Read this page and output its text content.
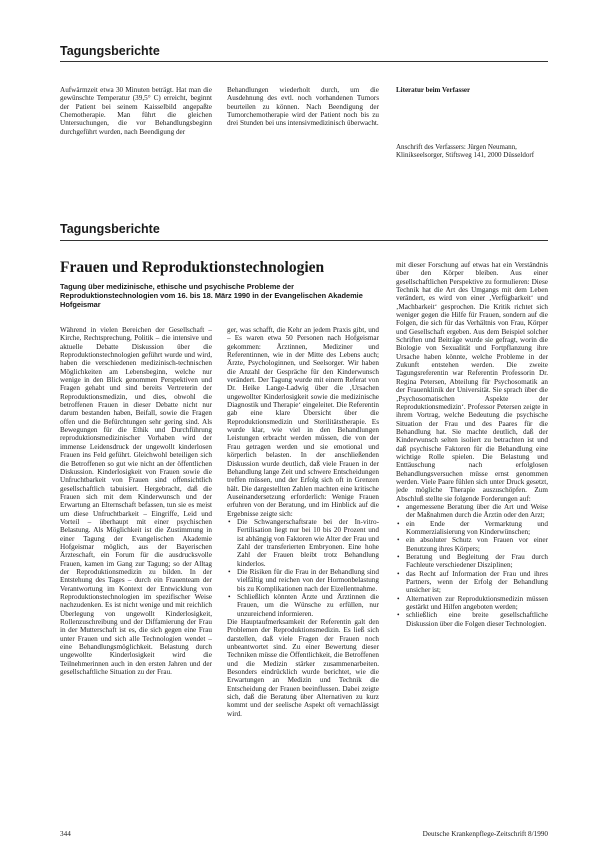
Tagungsberichte

Aufwärmzeit etwa 30 Minuten beträgt. Hat man die gewünschte Temperatur (39,5° C) erreicht, beginnt der Patient bei seinem Kaisselbild angepaßte Chemotherapie. Man führt die gleichen Untersuchungen, die vor Behandlungsbeginn durchgeführt wurden, nach Beendigung der

Behandlungen wiederholt durch, um die Ausdehnung des evtl. noch vorhandenen Tumors beurteilen zu können. Nach Beendigung der Tumorchemotherapie wird der Patient noch bis zu drei Stunden bei uns intensivmedizinisch überwacht.

Literatur beim Verfasser
Anschrift des Verfassers: Jürgen Neumann, Klinikseelsorger, Stiftsweg 141, 2000 Düsseldorf
Tagungsberichte
Frauen und Reproduktionstechnologien
Tagung über medizinische, ethische und psychische Probleme der Reproduktionstechnologien vom 16. bis 18. März 1990 in der Evangelischen Akademie Hofgeismar

Während in vielen Bereichen der Gesellschaft – Kirche, Rechtsprechung, Politik – die intensive und aktuelle Debatte Diskussion über die Reproduktionstechnologien geführt wurde und wird, haben die verschiedenen medizinisch-technischen Möglichkeiten am Lebensbeginn, welche nur wenige in den Blick genommen Perspektiven und Fragen gehabt und sind bereits Vertreterin der Reproduktionsmedizin, und dies, obwohl die betroffenen Frauen in dieser Debatte nicht nur darum bestanden haben, Beifall, sowie die Fragen offen und die Befürchtungen sehr gering sind. Als Bewegungen für die Ethik und Durchführung reproduktionsmedizinischer Vorhaben wird der immense Leidensdruck der ungewollt kinderlosen Frauen ins Feld geführt. Gleichwohl beteiligen sich die Betroffenen so gut wie nicht an der öffentlichen Diskussion. Kinderlosigkeit von Frauen sowie die Unfruchtbarkeit von Frauen sind offensichtlich gesellschaftlich tabuisiert. Hergebracht, daß die Frauen sich mit dem Kinderwunsch und der Erwartung an Elternschaft befassen, tun sie es meist um diese Unfruchtbarkeit – Eingriffe, Leid und Vorteil – überhaupt mit einer psychischen Belastung. Als Möglichkeit ist die Zustimmung in einer Tagung der Evangelischen Akademie Hofgeismar möglich, aus der Bayerischen Ärzteschaft, ein Forum für die ausdrucksvolle Frauen, kamen im Gang zur Tagung; so der Alltag der Reproduktionsmedizin zu bilden. In der Entstehung des Tages – durch ein Frauenteam der Verantwortung im Kontext der Entwicklung von Reproduktionstechnologien im spezifischer Weise nachzudenken. Es ist nicht wenige und mit reichlich Überlegung von ungewollt Kinderlosigkeit, Rollenzuschreibung und der Diffamierung der Frau in der Mutterschaft ist es, die sich gegen eine Frau unter Frauen und sich alle Technologien wendet – eine Behandlungsmöglichkeit. Belastung durch ungewollte Kinderlosigkeit wird die Teilnehmerinnen auch in den ersten Jahren und der gesellschaftliche Situation zu der Frau.

ger, was schafft, die Kehr an jedem Praxis gibt, und – Es waren etwa 50 Personen nach Hofgeismar gekommen: Ärztinnen, Mediziner und Referentinnen, wie in der Mitte des Lebens auch; Ärzte, Psychologinnen, und Seelsorger. Wir haben die Anzahl der Gespräche für den Kinderwunsch verändert. Der Tagung wurde mit einem Referat von Dr. Heike Lange-Ladwig über die ‚Ursachen ungewollter Kinderlosigkeit sowie die medizinische Diagnostik und Therapie‘ eingeleitet. Die Referentin gab eine klare Übersicht über die Reproduktionsmedizin und Sterilitätstherapie. Es wurde klar, wie viel in den Behandlungen Leistungen erbracht werden müssen, die von der Frau getragen werden und sie emotional und körperlich belasten. In der anschließenden Diskussion wurde deutlich, daß viele Frauen in der Behandlung lange Zeit und schwere Entscheidungen treffen müssen, und der Erfolg sich oft in Grenzen hält. Die dargestellten Zahlen machten eine kritische Auseinandersetzung erforderlich: Wenige Frauen erfuhren von der Beratung, und im Hinblick auf die Ergebnisse zeigte sich:

• Die Schwangerschaftsrate bei der In-vitro-Fertilisation liegt nur bei 10 bis 20 Prozent und ist abhängig von Faktoren wie Alter der Frau und Zahl der transferierten Embryonen. Eine hohe Zahl der Frauen bleibt trotz Behandlung kinderlos.
• Die Risiken für die Frau in der Behandlung sind vielfältig und reichen von der Hormonbelastung bis zu Komplikationen nach der Eizellentnahme.
• Schließlich könnten Ärzte und Ärztinnen die Frauen, um die Wünsche zu erfüllen, nur unzureichend informieren.

Die Hauptaufmerksamkeit der Referentin galt den Problemen der Reproduktionsmedizin. Es ließ sich darstellen, daß viele Fragen der Frauen noch unbeantwortet sind. Zu einer Bewertung dieser Techniken müsse die Öffentlichkeit, die Betroffenen und die Medizin stärker zusammenarbeiten. Besonders eindrücklich wurde berichtet, wie die Erwartungen an Medizin und Technik die Entscheidung der Frauen beeinflussen. Dabei zeigte sich, daß die Beratung über Alternativen zu kurz kommt und der seelische Aspekt oft vernachlässigt wird.

mit dieser Forschung auf etwas hat ein Verständnis über den Körper bleiben. Aus einer gesellschaftlichen Perspektive zu formulieren: Diese Technik hat die Art des Umgangs mit dem Leben verändert, es wird von einer ‚Verfügbarkeit‘ und ‚Machbarkeit‘ gesprochen. Die Kritik richtet sich weniger gegen die Hilfe für Frauen, sondern auf die Folgen, die sich für das Verhältnis von Frau, Körper und Gesellschaft ergeben. Aus dem Beispiel solcher Schriften und Beiträge wurde sie gefragt, worin die Biologie von Sexualität und Fortpflanzung ihre Ursache haben könnte, welche Probleme in der Zukunft entstehen werden. Die zweite Tagungsreferentin war Referentin Professorin Dr. Regina Petersen, Abteilung für Psychosomatik an der Frauenklinik der Universität. Sie sprach über die ‚Psychosomatischen Aspekte der Reproduktionsmedizin‘. Professor Petersen zeigte in ihrem Vortrag, welche Bedeutung die psychische Situation der Frau und des Paares für die Behandlung hat. Sie machte deutlich, daß der Kinderwunsch selten isoliert zu betrachten ist und daß psychische Faktoren für die Behandlung eine wichtige Rolle spielen. Die Belastung und Enttäuschung nach erfolglosen Behandlungsversuchen müsse ernst genommen werden. Viele Paare fühlen sich unter Druck gesetzt, jede mögliche Therapie auszuschöpfen. Zum Abschluß stellte sie folgende Forderungen auf:

• angemessene Beratung über die Art und Weise der Maßnahmen durch die Ärztin oder den Arzt;
• ein Ende der Vermarktung und Kommerzialisierung von Kinderwünschen;
• ein absoluter Schutz von Frauen vor einer Benutzung ihres Körpers;
• Beratung und Begleitung der Frau durch Fachleute verschiedener Disziplinen;
• das Recht auf Information der Frau und ihres Partners, wenn der Erfolg der Behandlung unsicher ist;
• Alternativen zur Reproduktionsmedizin müssen gestärkt und Hilfen angeboten werden;
• schließlich eine breite gesellschaftliche Diskussion über die Folgen dieser Technologien.
344	Deutsche Krankenpflege-Zeitschrift 8/1990
